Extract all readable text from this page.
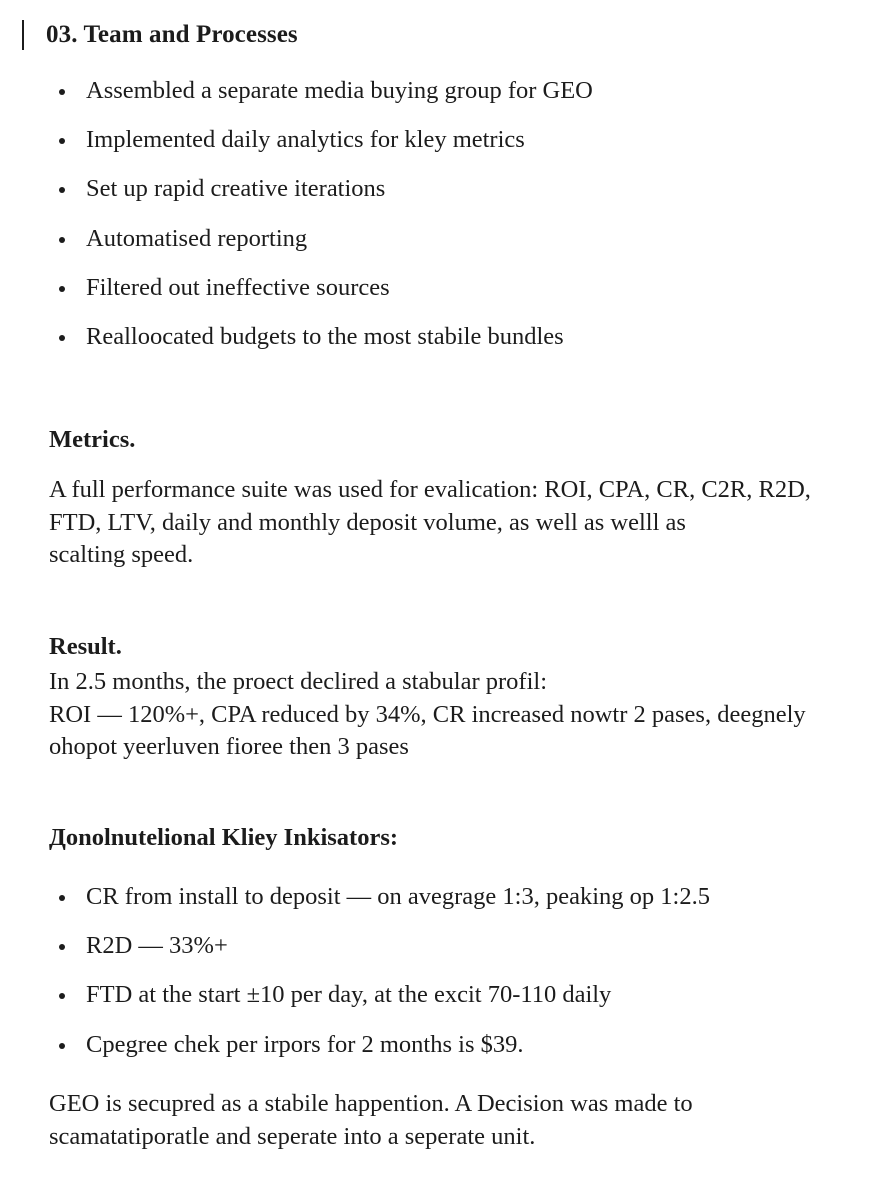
03. Team and Processes
Assembled a separate media buying group for GEO
Implemented daily analytics for kley metrics
Set up rapid creative iterations
Automatised reporting
Filtered out ineffective sources
Realloocated budgets to the most stabile bundles
Metrics.
A full performance suite was used for evalication: ROI, CPA, CR, C2R, R2D,
FTD, LTV, daily and monthly deposit volume, as well as welll as
scalting speed.
Result.
In 2.5 months, the proect declired a stabular profil:
ROI — 120%+, CPA reduced by 34%, CR increased nowtr 2 pases, deegnely
ohopot yeerluven fioree then 3 pases
Дonolnutelional Kliey Inkisators:
CR from install to deposit — on avegrage 1:3, peaking oр 1:2.5
R2D — 33%+
FTD at the start ±10 per day, at the excit 70-110 daily
Cpegree chek per irpors for 2 months is $39.
GEO is secupred as a stabile happention. A Decision was made to
scamatatiporatle and seperate into a seperate unit.
